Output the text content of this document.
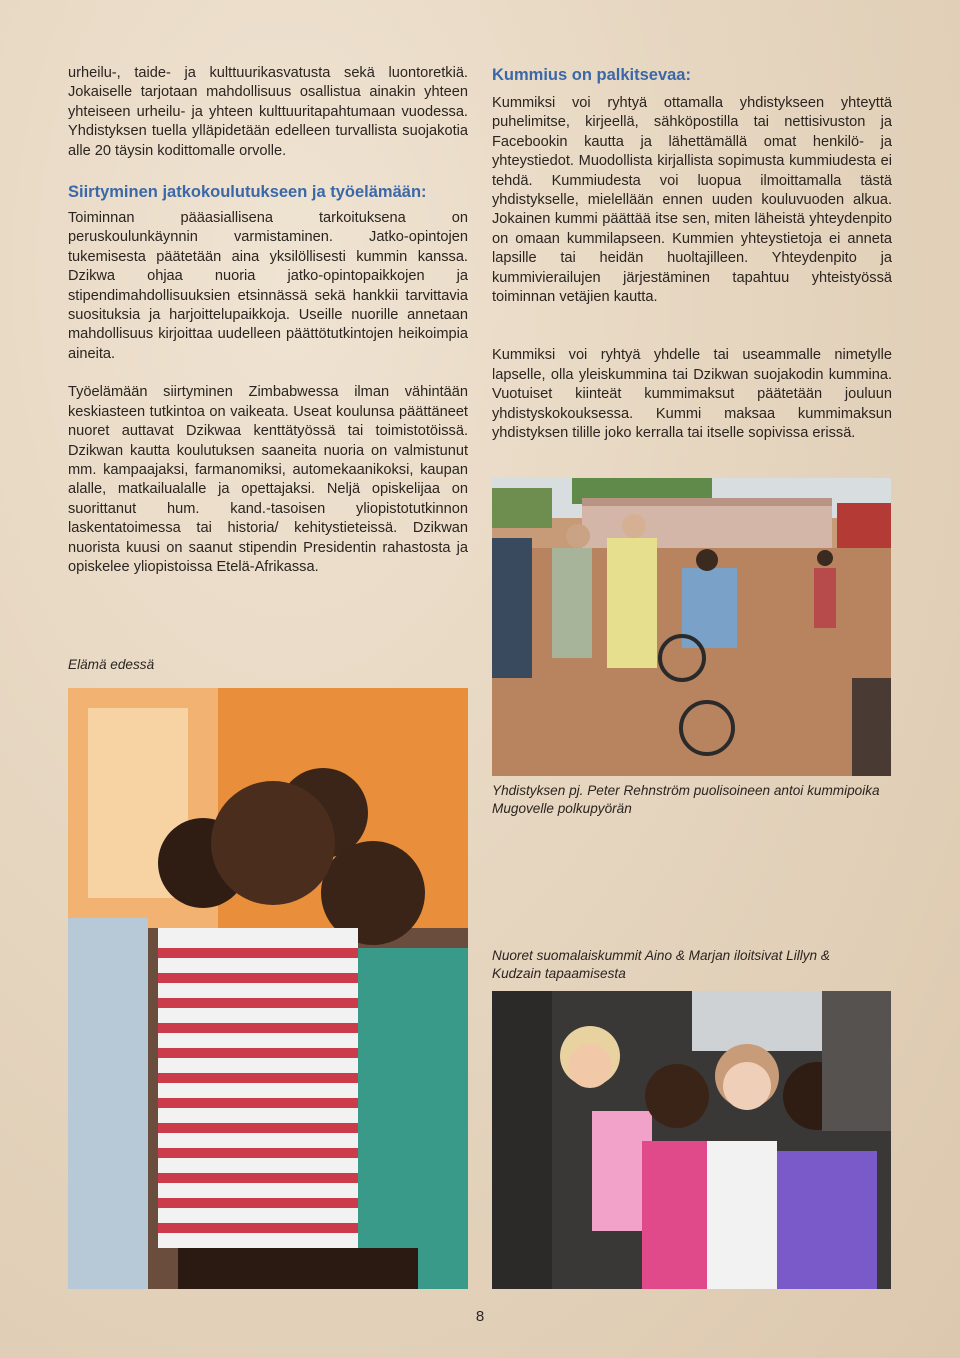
urheilu-, taide- ja kulttuurikasvatusta sekä luontoretkiä. Jokaiselle tarjotaan mahdollisuus osallistua ainakin yhteen yhteiseen urheilu- ja yhteen kulttuuritapahtumaan vuodessa. Yhdistyksen tuella ylläpidetään edelleen turvallista suojakotia alle 20 täysin kodittomalle orvolle.

Siirtyminen jatkokoulutukseen ja työelämään:

Toiminnan pääasiallisena tarkoituksena on peruskoulunkäynnin varmistaminen. Jatko-opintojen tukemisesta päätetään aina yksilöllisesti kummin kanssa. Dzikwa ohjaa nuoria jatko-opintopaikkojen ja stipendimahdollisuuksien etsinnässä sekä hankkii tarvittavia suosituksia ja harjoittelupaikkoja. Useille nuorille annetaan mahdollisuus kirjoittaa uudelleen päättötutkintojen heikoimpia aineita.

Työelämään siirtyminen Zimbabwessa ilman vähintään keskiasteen tutkintoa on vaikeata. Useat koulunsa päättäneet nuoret auttavat Dzikwaa kenttätyössä tai toimistotöissä. Dzikwan kautta koulutuksen saaneita nuoria on valmistunut mm. kampaajaksi, farmanomiksi, automekaanikoksi, kaupan alalle, matkailualalle ja opettajaksi. Neljä opiskelijaa on suorittanut hum. kand.-tasoisen yliopistotutkinnon laskentatoimessa tai historia/ kehitystieteissä. Dzikwan nuorista kuusi on saanut stipendin Presidentin rahastosta ja opiskelee yliopistoissa Etelä-Afrikassa.

Kummius on palkitsevaa:

Kummiksi voi ryhtyä ottamalla yhdistykseen yhteyttä puhelimitse, kirjeellä, sähköpostilla tai nettisivuston ja Facebookin kautta ja lähettämällä omat henkilö- ja yhteystiedot. Muodollista kirjallista sopimusta kummiudesta ei tehdä. Kummiudesta voi luopua ilmoittamalla tästä yhdistykselle, mielellään ennen uuden kouluvuoden alkua. Jokainen kummi päättää itse sen, miten läheistä yhteydenpito on omaan kummilapseen. Kummien yhteystietoja ei anneta lapsille tai heidän huoltajilleen. Yhteydenpito ja kummivierailujen järjestäminen tapahtuu yhteistyössä toiminnan vetäjien kautta.

Kummiksi voi ryhtyä yhdelle tai useammalle nimetylle lapselle, olla yleiskummina tai Dzikwan suojakodin kummina. Vuotuiset kiinteät kummimaksut päätetään jouluun yhdistyskokouksessa. Kummi maksaa kummimaksun yhdistyksen tilille joko kerralla tai itselle sopivissa erissä.

Elämä edessä
Yhdistyksen pj. Peter Rehnström puolisoineen antoi kummipoika Mugovelle polkupyörän
Nuoret suomalaiskummit Aino & Marjan iloitsivat Lillyn & Kudzain tapaamisesta
8
